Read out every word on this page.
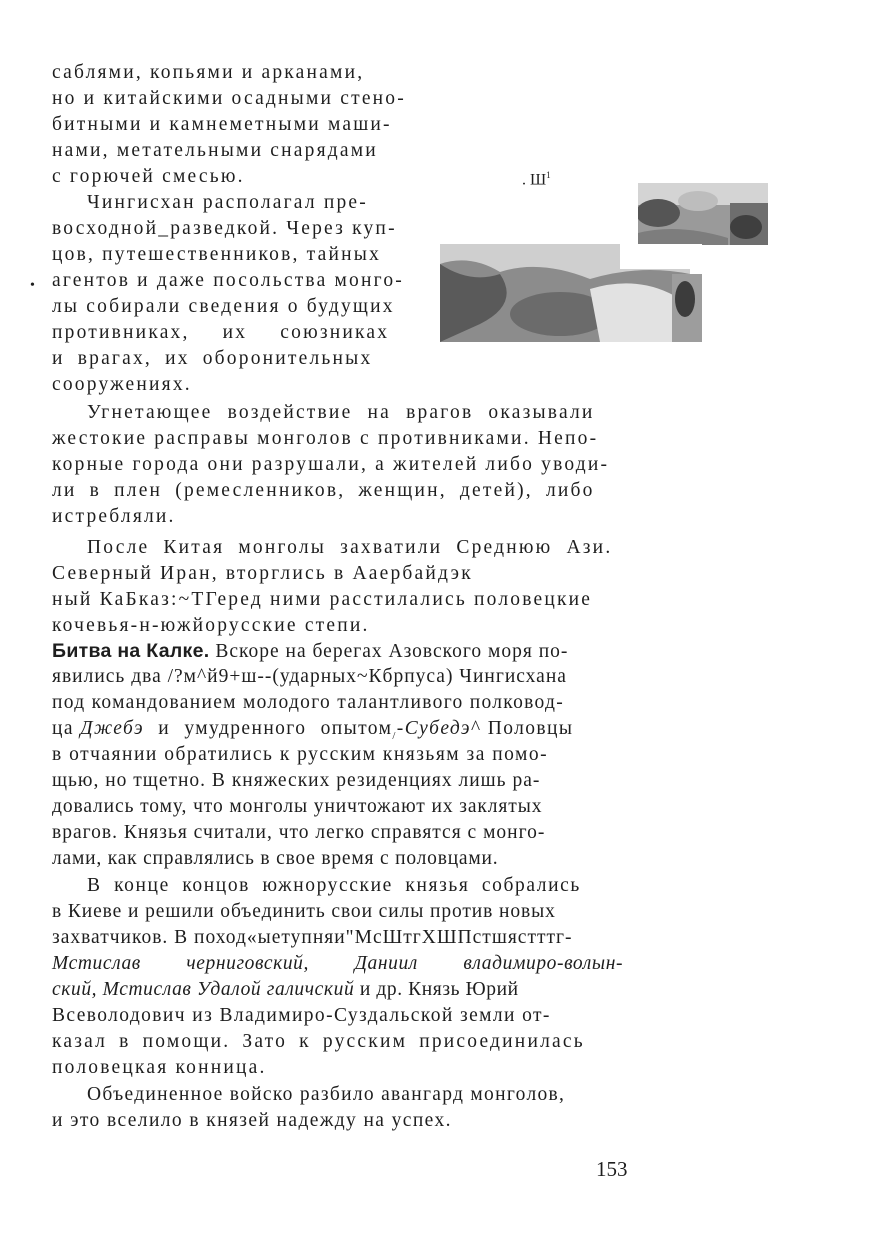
саблями, копьями и арканами,
но и китайскими осадными стено-
битными и камнеметными маши-
нами, метательными снарядами
с горючей смесью.
Чингисхан располагал пре-
восходной_разведкой. Через куп-
цов, путешественников, тайных
• агентов и даже посольства монго-
лы собирали сведения о будущих
противниках, их союзниках
и врагах, их оборонительных
сооружениях.
. $Ш^1$
Угнетающее воздействие на врагов оказывали
жестокие расправы монголов с противниками. Непо-
корные города они разрушали, а жителей либо уводи-
ли в плен (ремесленников, женщин, детей), либо
истребляли.
После Китая монголы захватили Среднюю Ази.
Северный Иран, вторглись в Аaербайдэк
ный КаБказ:~ТГеред ними расстилались половецкие
кочевья-н-южйорусские степи.
Битва на Калке. Вскоре на берегах Азовского моря по-
явились два /?м^й9+ш--(ударных~Кбрпуса) Чингисхана
под командованием молодого талантливого полковод-
ца Джебэ и умудренного опытом$_/$-Субедэ^ Половцы
в отчаянии обратились к русским князьям за помо-
щью, но тщетно. В княжеских резиденциях лишь ра-
довались тому, что монголы уничтожают их заклятых
врагов. Князья считали, что легко справятся с монго-
лами, как справлялись в свое время с половцами.
В конце концов южнорусские князья собрались
в Киеве и решили объединить свои силы против новых
захватчиков. В поход«ыетупняи"МсШтгХШПстшястттг-
Мстислав черниговский, Даниил владимиро-волын-
ский, Мстислав Удалой галичский и др. Князь Юрий
Всеволодович из Владимиро-Суздальской земли от-
казал в помощи. Зато к русским присоединилась
половецкая конница.
Объединенное войско разбило авангард монголов,
и это вселило в князей надежду на успех.
153
